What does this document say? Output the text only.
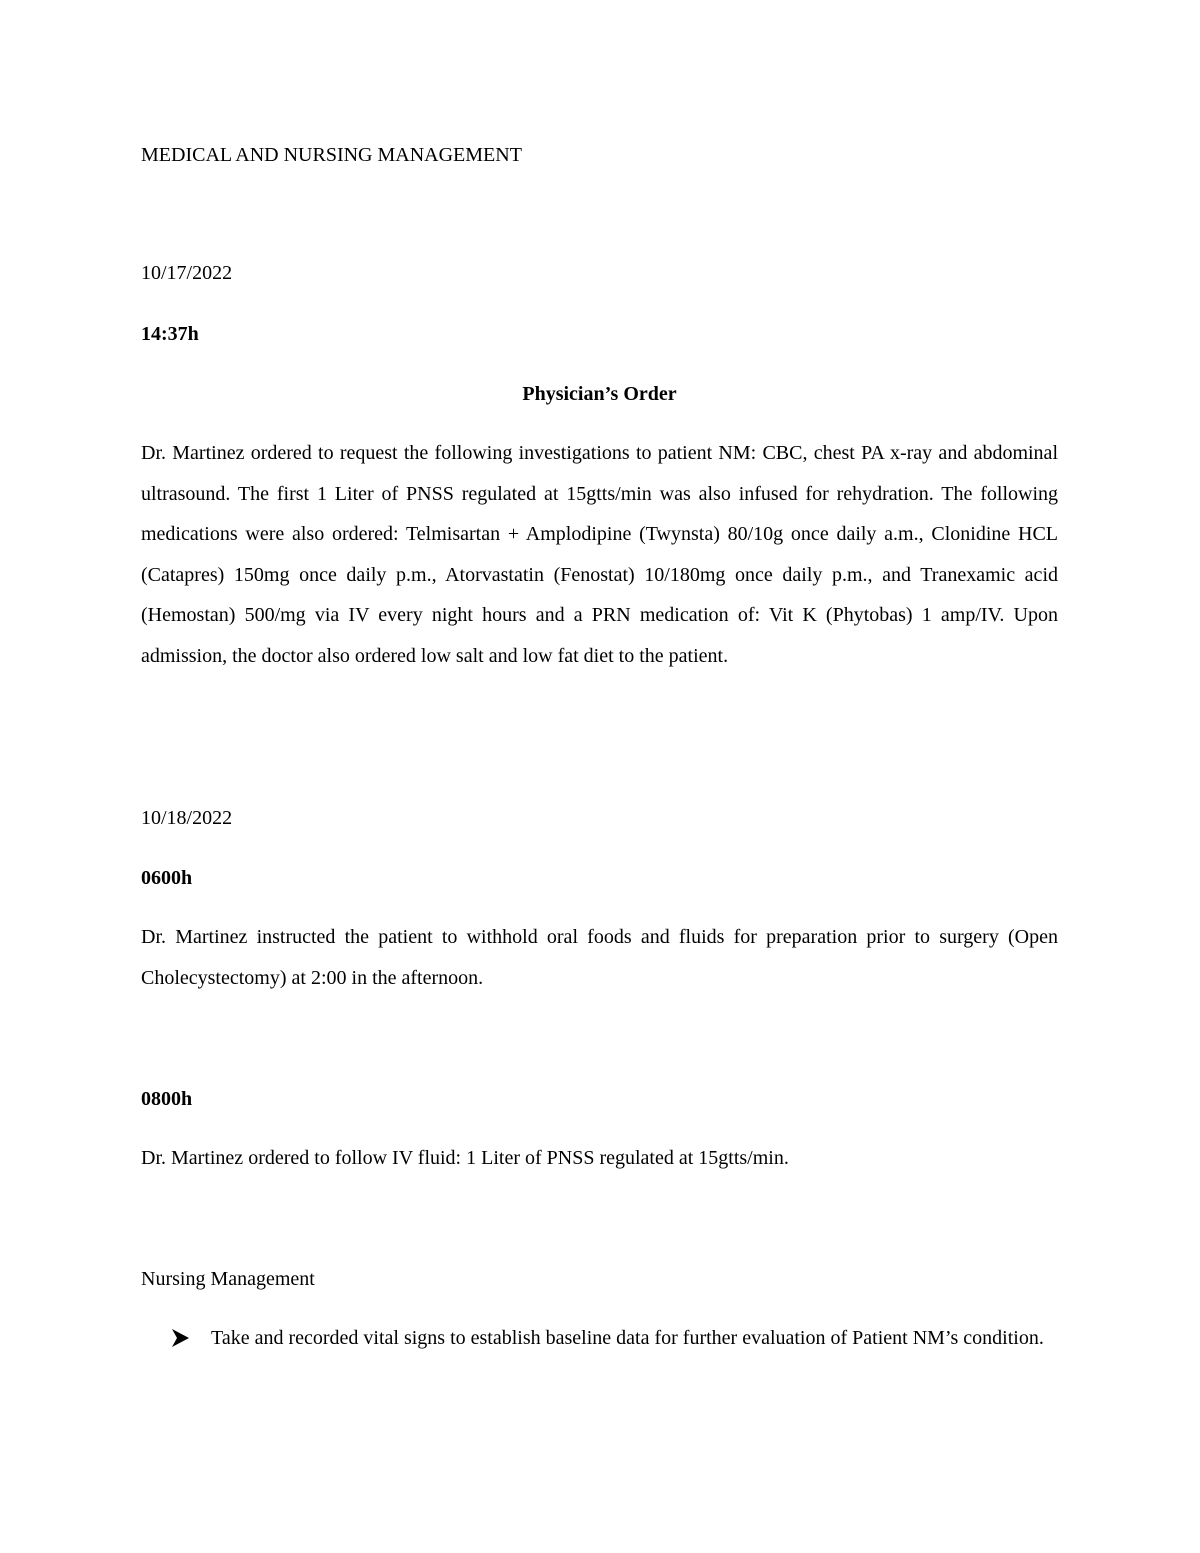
MEDICAL AND NURSING MANAGEMENT
10/17/2022
14:37h
Physician’s Order
Dr. Martinez ordered to request the following investigations to patient NM: CBC, chest PA x-ray and abdominal ultrasound. The first 1 Liter of PNSS regulated at 15gtts/min was also infused for rehydration. The following medications were also ordered: Telmisartan + Amplodipine (Twynsta) 80/10g once daily a.m., Clonidine HCL (Catapres) 150mg once daily p.m., Atorvastatin (Fenostat) 10/180mg once daily p.m., and Tranexamic acid (Hemostan) 500/mg via IV every night hours and a PRN medication of: Vit K (Phytobas) 1 amp/IV. Upon admission, the doctor also ordered low salt and low fat diet to the patient.
10/18/2022
0600h
Dr. Martinez instructed the patient to withhold oral foods and fluids for preparation prior to surgery (Open Cholecystectomy) at 2:00 in the afternoon.
0800h
Dr. Martinez ordered to follow IV fluid: 1 Liter of PNSS regulated at 15gtts/min.
Nursing Management
Take and recorded vital signs to establish baseline data for further evaluation of Patient NM’s condition.
